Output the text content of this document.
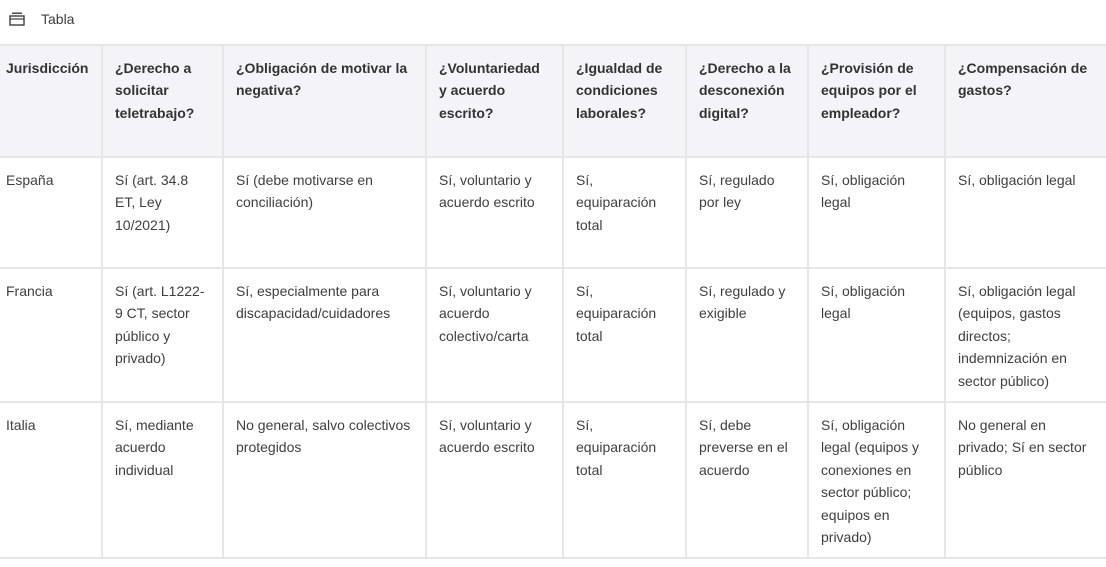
Tabla
Jurisdicción	¿Derecho a solicitar teletrabajo?	¿Obligación de motivar la negativa?	¿Voluntariedad y acuerdo escrito?	¿Igualdad de condiciones laborales?	¿Derecho a la desconexión digital?	¿Provisión de equipos por el empleador?	¿Compensación de gastos?
España	Sí (art. 34.8 ET, Ley 10/2021)	Sí (debe motivarse en conciliación)	Sí, voluntario y acuerdo escrito	Sí, equiparación total	Sí, regulado por ley	Sí, obligación legal	Sí, obligación legal
Francia	Sí (art. L1222-9 CT, sector público y privado)	Sí, especialmente para discapacidad/cuidadores	Sí, voluntario y acuerdo colectivo/carta	Sí, equiparación total	Sí, regulado y exigible	Sí, obligación legal	Sí, obligación legal (equipos, gastos directos; indemnización en sector público)
Italia	Sí, mediante acuerdo individual	No general, salvo colectivos protegidos	Sí, voluntario y acuerdo escrito	Sí, equiparación total	Sí, debe preverse en el acuerdo	Sí, obligación legal (equipos y conexiones en sector público; equipos en privado)	No general en privado; Sí en sector público
